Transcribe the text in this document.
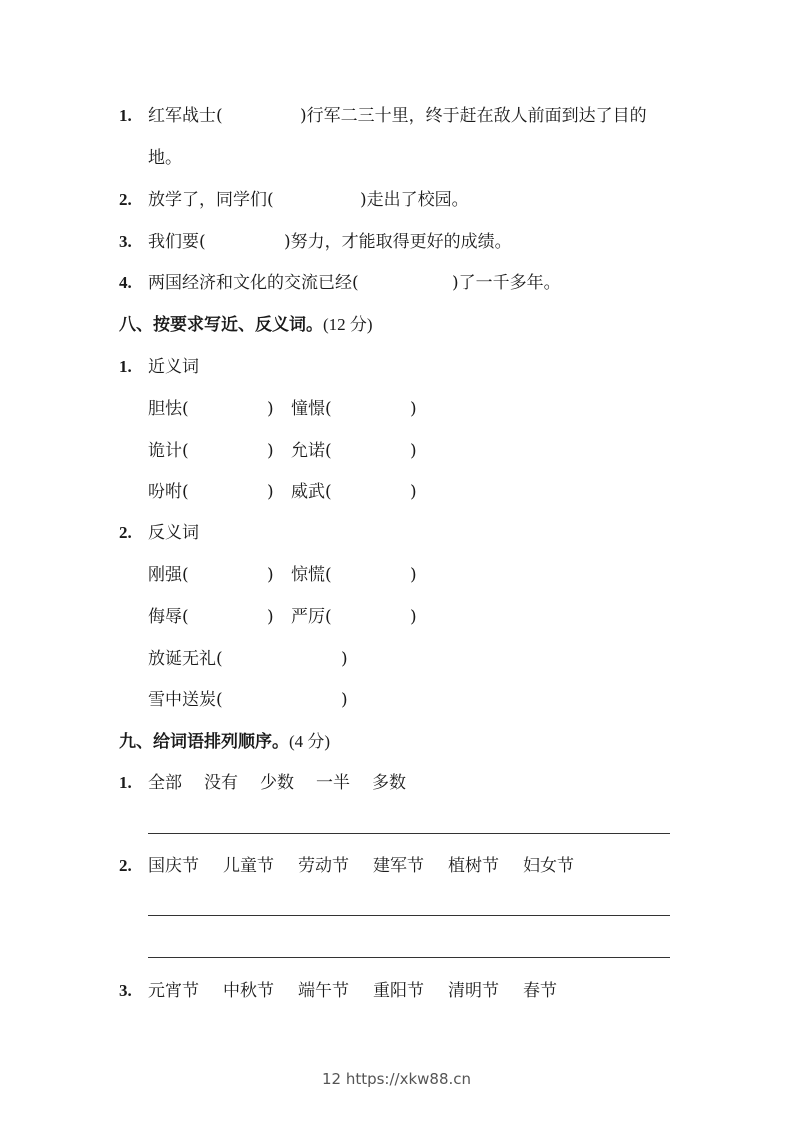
1. 红军战士(	)行军二三十里，终于赶在敌人前面到达了目的
地。
2. 放学了，同学们(	)走出了校园。
3. 我们要(	)努力，才能取得更好的成绩。
4. 两国经济和文化的交流已经(	)了一千多年。
八、按要求写近、反义词。(12 分)
1. 近义词
胆怯(	) 憧憬(	)
诡计(	) 允诺(	)
吩咐(	) 威武(	)
2. 反义词
刚强(	) 惊慌(	)
侮辱(	) 严厉(	)
放诞无礼(	)
雪中送炭(	)
九、给词语排列顺序。(4 分)
1. 全部 没有 少数 一半 多数
2. 国庆节 儿童节 劳动节 建军节 植树节 妇女节
3. 元宵节 中秋节 端午节 重阳节 清明节 春节
12 https://xkw88.cn
